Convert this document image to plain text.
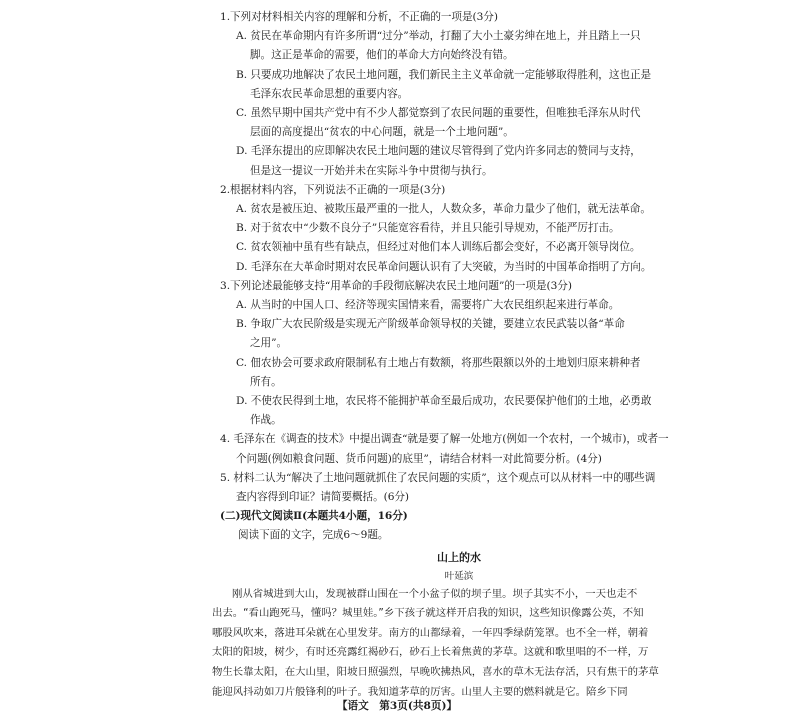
1.下列对材料相关内容的理解和分析，不正确的一项是(3分)
A. 贫民在革命期内有许多所谓“过分”举动，打翻了大小土豪劣绅在地上，并且踏上一只
脚。这正是革命的需要，他们的革命大方向始终没有错。
B. 只要成功地解决了农民土地问题，我们新民主主义革命就一定能够取得胜利，这也正是
毛泽东农民革命思想的重要内容。
C. 虽然早期中国共产党中有不少人都觉察到了农民问题的重要性，但唯独毛泽东从时代
层面的高度提出“贫农的中心问题，就是一个土地问题”。
D. 毛泽东提出的应即解决农民土地问题的建议尽管得到了党内许多同志的赞同与支持，
但是这一提议一开始并未在实际斗争中贯彻与执行。
2.根据材料内容，下列说法不正确的一项是(3分)
A. 贫农是被压迫、被欺压最严重的一批人，人数众多，革命力量少了他们，就无法革命。
B. 对于贫农中“少数不良分子”只能宽容看待，并且只能引导规劝，不能严厉打击。
C. 贫农领袖中虽有些有缺点，但经过对他们本人训练后都会变好，不必离开领导岗位。
D. 毛泽东在大革命时期对农民革命问题认识有了大突破，为当时的中国革命指明了方向。
3.下列论述最能够支持“用革命的手段彻底解决农民土地问题”的一项是(3分)
A. 从当时的中国人口、经济等现实国情来看，需要将广大农民组织起来进行革命。
B. 争取广大农民阶级是实现无产阶级革命领导权的关键，要建立农民武装以备“革命
之用”。
C. 佃农协会可要求政府限制私有土地占有数额，将那些限额以外的土地划归原来耕种者
所有。
D. 不使农民得到土地，农民将不能拥护革命至最后成功，农民要保护他们的土地，必勇敢
作战。
4. 毛泽东在《调查的技术》中提出调查“就是要了解一处地方(例如一个农村，一个城市)，或者一
个问题(例如粮食问题、货币问题)的底里”，请结合材料一对此简要分析。(4分)
5. 材料二认为“解决了土地问题就抓住了农民问题的实质”，这个观点可以从材料一中的哪些调
查内容得到印证？请简要概括。(6分)
(二)现代文阅读Ⅱ(本题共4小题，16分)
阅读下面的文字，完成6～9题。
山上的水
叶延滨
刚从省城进到大山，发现被群山围在一个小盆子似的坝子里。坝子其实不小，一天也走不
出去。“看山跑死马，懂吗？城里娃。”乡下孩子就这样开启我的知识，这些知识像露公英，不知
哪股风吹来，落进耳朵就在心里发芽。南方的山都绿着，一年四季绿荫笼罩。也不全一样，朝着
太阳的阳坡，树少，有时还亮露红褐砂石，砂石上长着焦黄的茅草。这就和歌里唱的不一样，万
物生长靠太阳，在大山里，阳坡日照强烈，早晚吹拂热风，喜水的草木无法存活，只有焦干的茅草
能迎风抖动如刀片般锋利的叶子。我知道茅草的厉害。山里人主要的燃料就是它。陪乡下同
【语文　第3页(共8页)】
